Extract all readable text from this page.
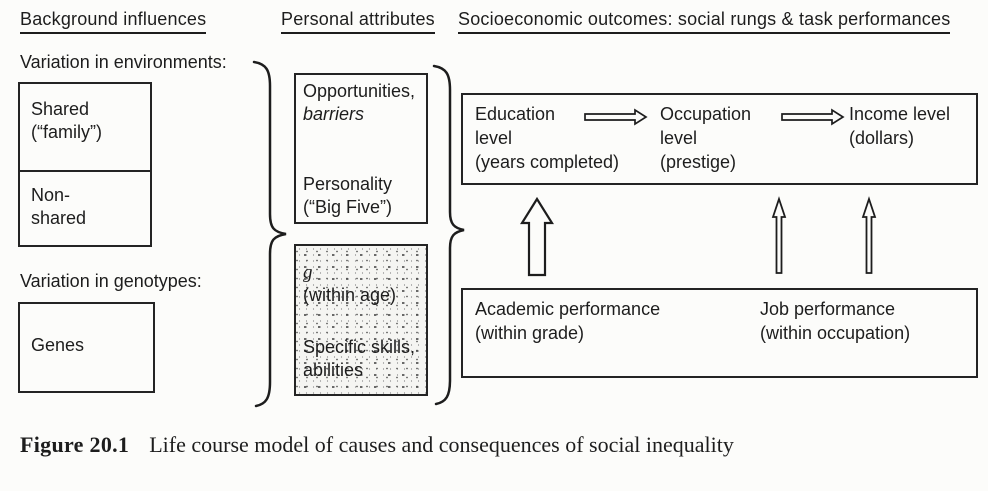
Background influences	Personal attributes Socioeconomic outcomes: social rungs & task performances
Variation in environments:
Shared
(“family”)
Non-
shared
Variation in genotypes:
Genes
Opportunities,
barriers
Personality
(“Big Five”)
g
(within age)
Specific skills,
abilities
Education
level
(years completed)
Occupation
level
(prestige)
Income level
(dollars)
Academic performance
(within grade)
Job performance
(within occupation)
Figure 20.1 Life course model of causes and consequences of social inequality
